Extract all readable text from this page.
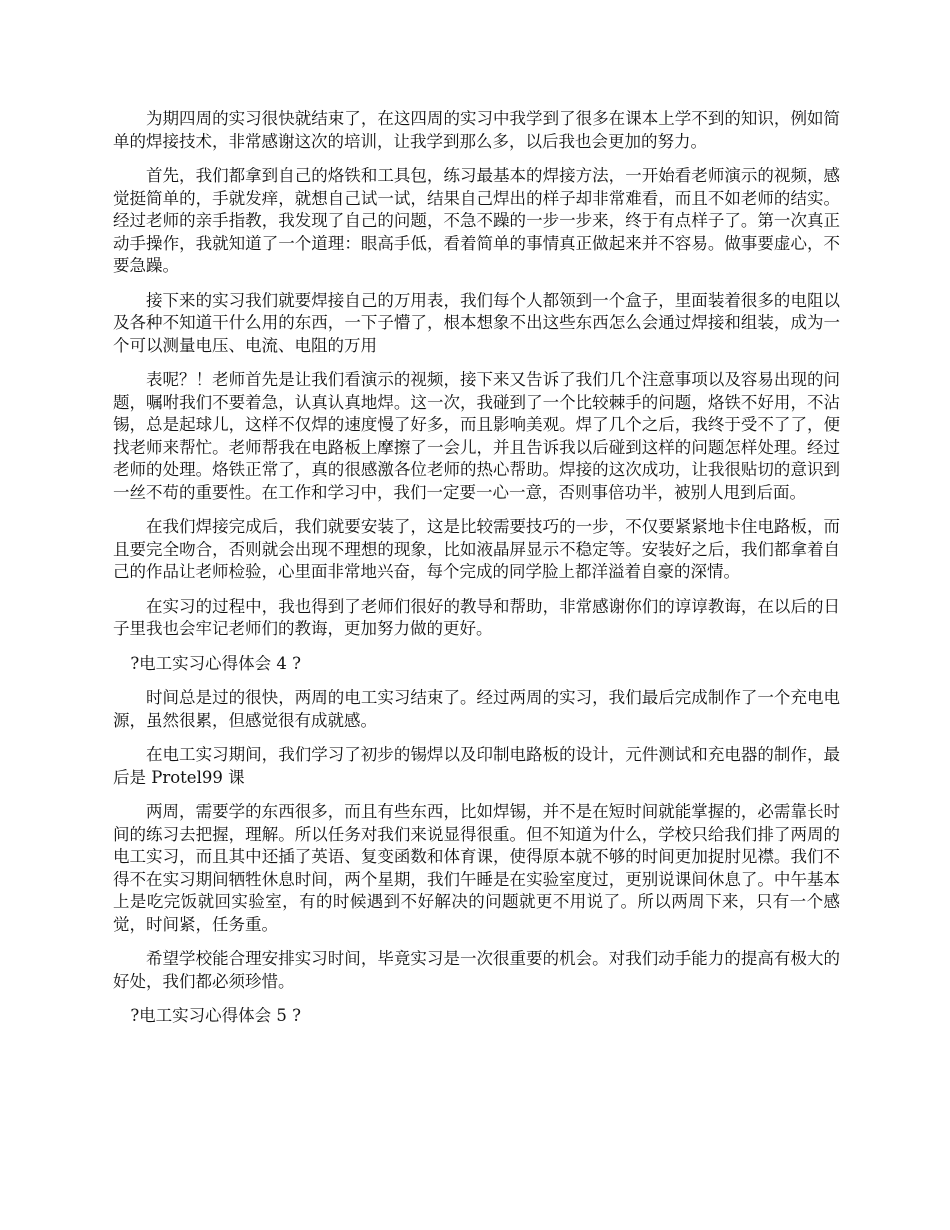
为期四周的实习很快就结束了，在这四周的实习中我学到了很多在课本上学不到的知识，例如简单的焊接技术，非常感谢这次的培训，让我学到那么多，以后我也会更加的努力。

首先，我们都拿到自己的烙铁和工具包，练习最基本的焊接方法，一开始看老师演示的视频，感觉挺简单的，手就发痒，就想自己试一试，结果自己焊出的样子却非常难看，而且不如老师的结实。经过老师的亲手指教，我发现了自己的问题，不急不躁的一步一步来，终于有点样子了。第一次真正动手操作，我就知道了一个道理：眼高手低，看着简单的事情真正做起来并不容易。做事要虚心，不要急躁。

接下来的实习我们就要焊接自己的万用表，我们每个人都领到一个盒子，里面装着很多的电阻以及各种不知道干什么用的东西，一下子懵了，根本想象不出这些东西怎么会通过焊接和组装，成为一个可以测量电压、电流、电阻的万用

表呢？！老师首先是让我们看演示的视频，接下来又告诉了我们几个注意事项以及容易出现的问题，嘱咐我们不要着急，认真认真地焊。这一次，我碰到了一个比较棘手的问题，烙铁不好用，不沾锡，总是起球儿，这样不仅焊的速度慢了好多，而且影响美观。焊了几个之后，我终于受不了了，便找老师来帮忙。老师帮我在电路板上摩擦了一会儿，并且告诉我以后碰到这样的问题怎样处理。经过老师的处理。烙铁正常了，真的很感激各位老师的热心帮助。焊接的这次成功，让我很贴切的意识到一丝不苟的重要性。在工作和学习中，我们一定要一心一意，否则事倍功半，被别人甩到后面。

在我们焊接完成后，我们就要安装了，这是比较需要技巧的一步，不仅要紧紧地卡住电路板，而且要完全吻合，否则就会出现不理想的现象，比如液晶屏显示不稳定等。安装好之后，我们都拿着自己的作品让老师检验，心里面非常地兴奋，每个完成的同学脸上都洋溢着自豪的深情。

在实习的过程中，我也得到了老师们很好的教导和帮助，非常感谢你们的谆谆教诲，在以后的日子里我也会牢记老师们的教诲，更加努力做的更好。

?电工实习心得体会 4 ?

时间总是过的很快，两周的电工实习结束了。经过两周的实习，我们最后完成制作了一个充电电源，虽然很累，但感觉很有成就感。

在电工实习期间，我们学习了初步的锡焊以及印制电路板的设计，元件测试和充电器的制作，最后是 Protel99 课

两周，需要学的东西很多，而且有些东西，比如焊锡，并不是在短时间就能掌握的，必需靠长时间的练习去把握，理解。所以任务对我们来说显得很重。但不知道为什么，学校只给我们排了两周的电工实习，而且其中还插了英语、复变函数和体育课，使得原本就不够的时间更加捉肘见襟。我们不得不在实习期间牺牲休息时间，两个星期，我们午睡是在实验室度过，更别说课间休息了。中午基本上是吃完饭就回实验室，有的时候遇到不好解决的问题就更不用说了。所以两周下来，只有一个感觉，时间紧，任务重。

希望学校能合理安排实习时间，毕竟实习是一次很重要的机会。对我们动手能力的提高有极大的好处，我们都必须珍惜。

?电工实习心得体会 5 ?
